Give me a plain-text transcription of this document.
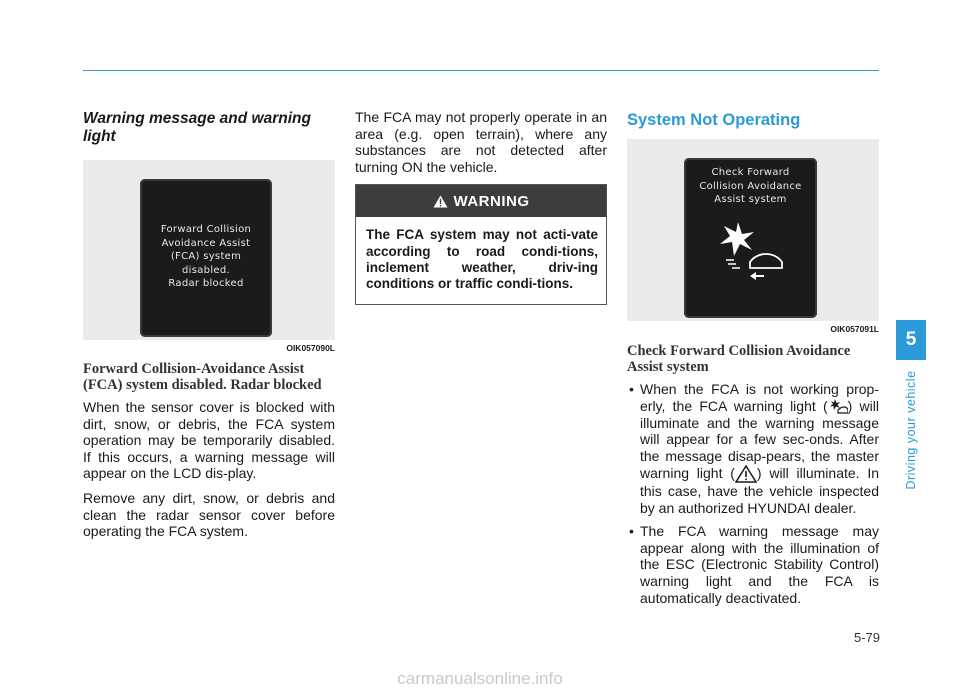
Warning message and warning light
Forward Collision
Avoidance Assist
(FCA) system
disabled.
Radar blocked
OIK057090L
Forward Collision-Avoidance Assist (FCA) system disabled. Radar blocked

When the sensor cover is blocked with dirt, snow, or debris, the FCA system operation may be temporarily disabled. If this occurs, a warning message will appear on the LCD dis-play.

Remove any dirt, snow, or debris and clean the radar sensor cover before operating the FCA system.

The FCA may not properly operate in an area (e.g. open terrain), where any substances are not detected after turning ON the vehicle.

WARNING
The FCA system may not acti-vate according to road condi-tions, inclement weather, driv-ing conditions or traffic condi-tions.
System Not Operating
Check Forward
Collision Avoidance
Assist system
OIK057091L
Check Forward Collision Avoidance Assist system
• When the FCA is not working prop-erly, the FCA warning light ( ) will illuminate and the warning message will appear for a few sec-onds. After the message disap-pears, the master warning light ( ) will illuminate. In this case, have the vehicle inspected by an authorized HYUNDAI dealer.
• The FCA warning message may appear along with the illumination of the ESC (Electronic Stability Control) warning light and the FCA is automatically deactivated.
5
Driving your vehicle
5-79
carmanualsonline.info
